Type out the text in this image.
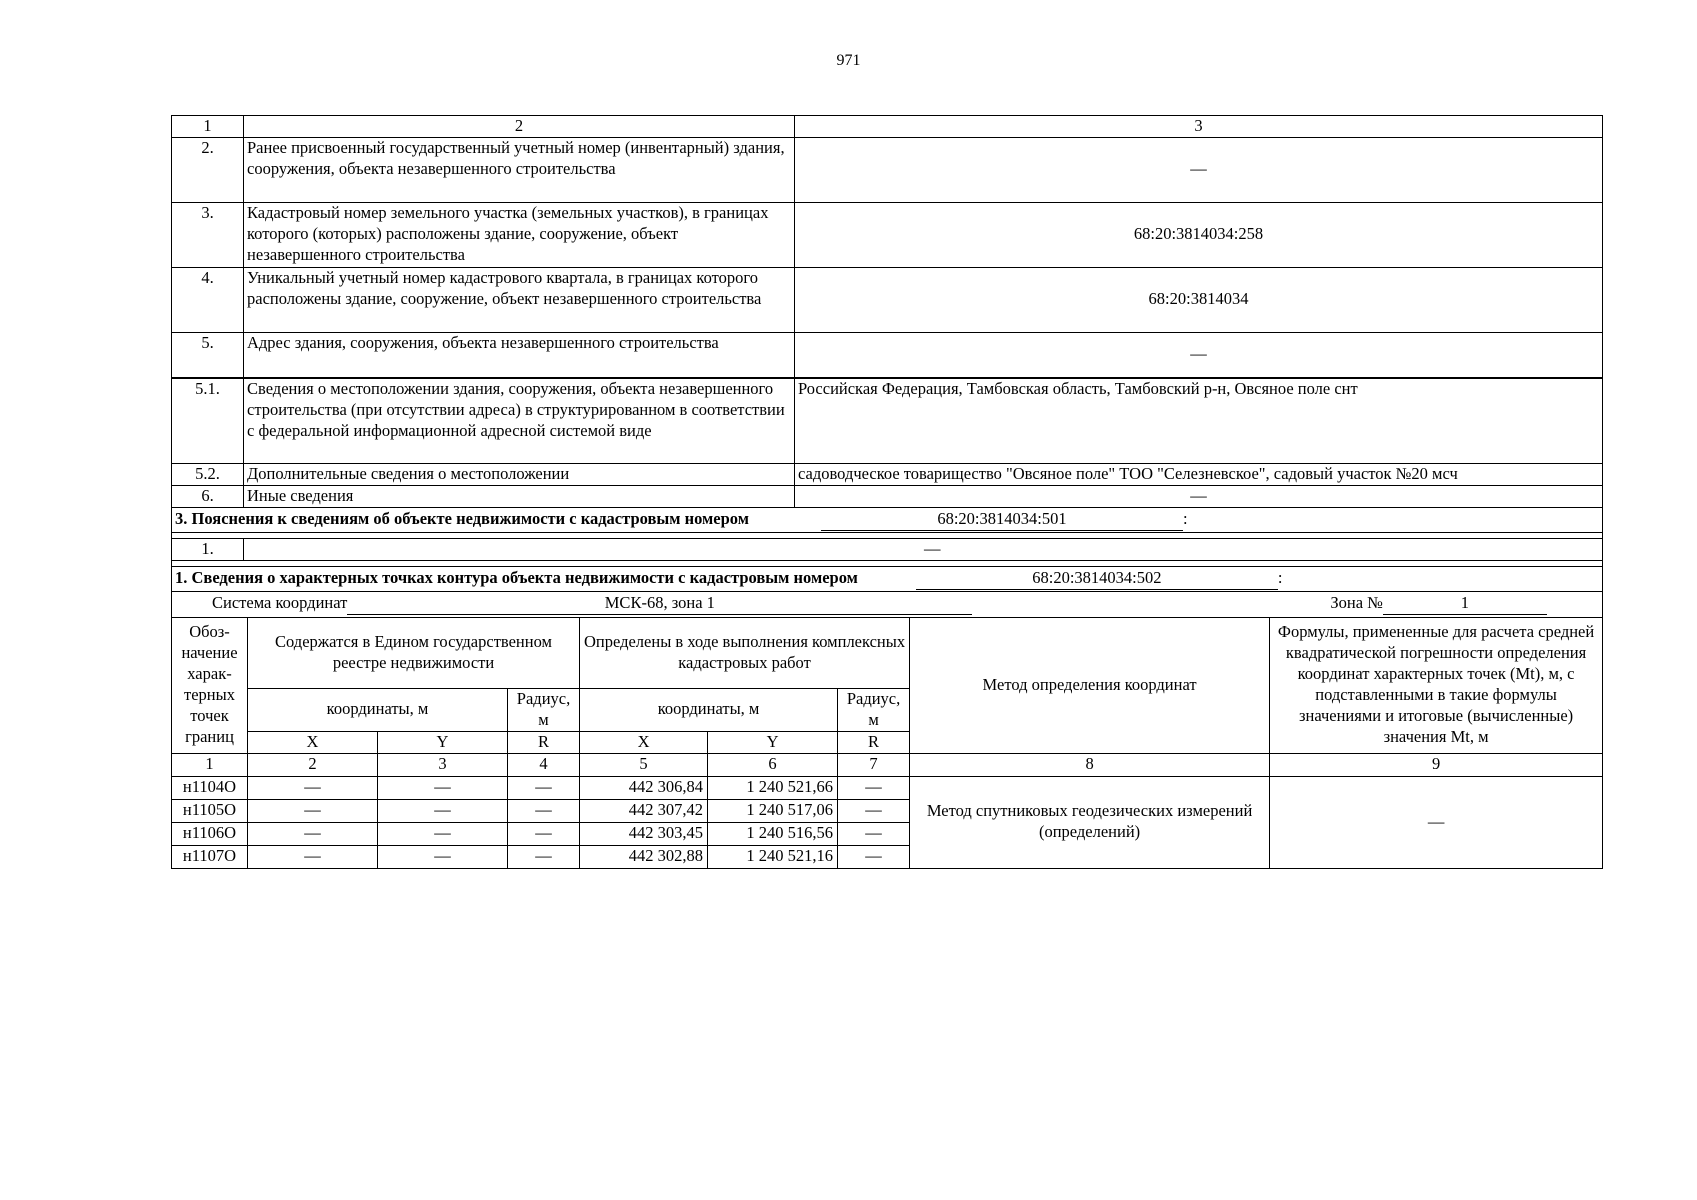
971
1	2	3
2.	Ранее присвоенный государственный учетный номер (инвентарный) здания, сооружения, объекта незавершенного строительства	—
3.	Кадастровый номер земельного участка (земельных участков), в границах которого (которых) расположены здание, сооружение, объект незавершенного строительства	68:20:3814034:258
4.	Уникальный учетный номер кадастрового квартала, в границах которого расположены здание, сооружение, объект незавершенного строительства	68:20:3814034
5.	Адрес здания, сооружения, объекта незавершенного строительства	—
5.1.	Сведения о местоположении здания, сооружения, объекта незавершенного строительства (при отсутствии адреса) в структурированном в соответствии с федеральной информационной адресной системой виде	Российская Федерация, Тамбовская область, Тамбовский р-н, Овсяное поле снт
5.2.	Дополнительные сведения о местоположении	садоводческое товарищество "Овсяное поле" ТОО "Селезневское", садовый участок №20 мсч
6.	Иные сведения	—
3. Пояснения к сведениям об объекте недвижимости с кадастровым номером 68:20:3814034:501 :		

1.	—	

1. Сведения о характерных точках контура объекта недвижимости с кадастровым номером 68:20:3814034:502 :		
Система координат МСК-68, зона 1 Зона № 1		
Обоз-начение харак-терных точек границ	Содержатся в Едином государственном реестре недвижимости			Определены в ходе выполнения комплексных кадастровых работ			Метод определения координат	Формулы, примененные для расчета средней квадратической погрешности определения координат характерных точек (Mt), м, с подставленными в такие формулы значениями и итоговые (вычисленные) значения Mt, м
	координаты, м		Радиус, м	координаты, м		Радиус, м		
	X	Y	R	X	Y	R		
1	2	3	4	5	6	7	8	9
н1104О	—	—	—	442 306,84	1 240 521,66	—	Метод спутниковых геодезических измерений (определений)	—
н1105О	—	—	—	442 307,42	1 240 517,06	—		
н1106О	—	—	—	442 303,45	1 240 516,56	—		
н1107О	—	—	—	442 302,88	1 240 521,16	—		
